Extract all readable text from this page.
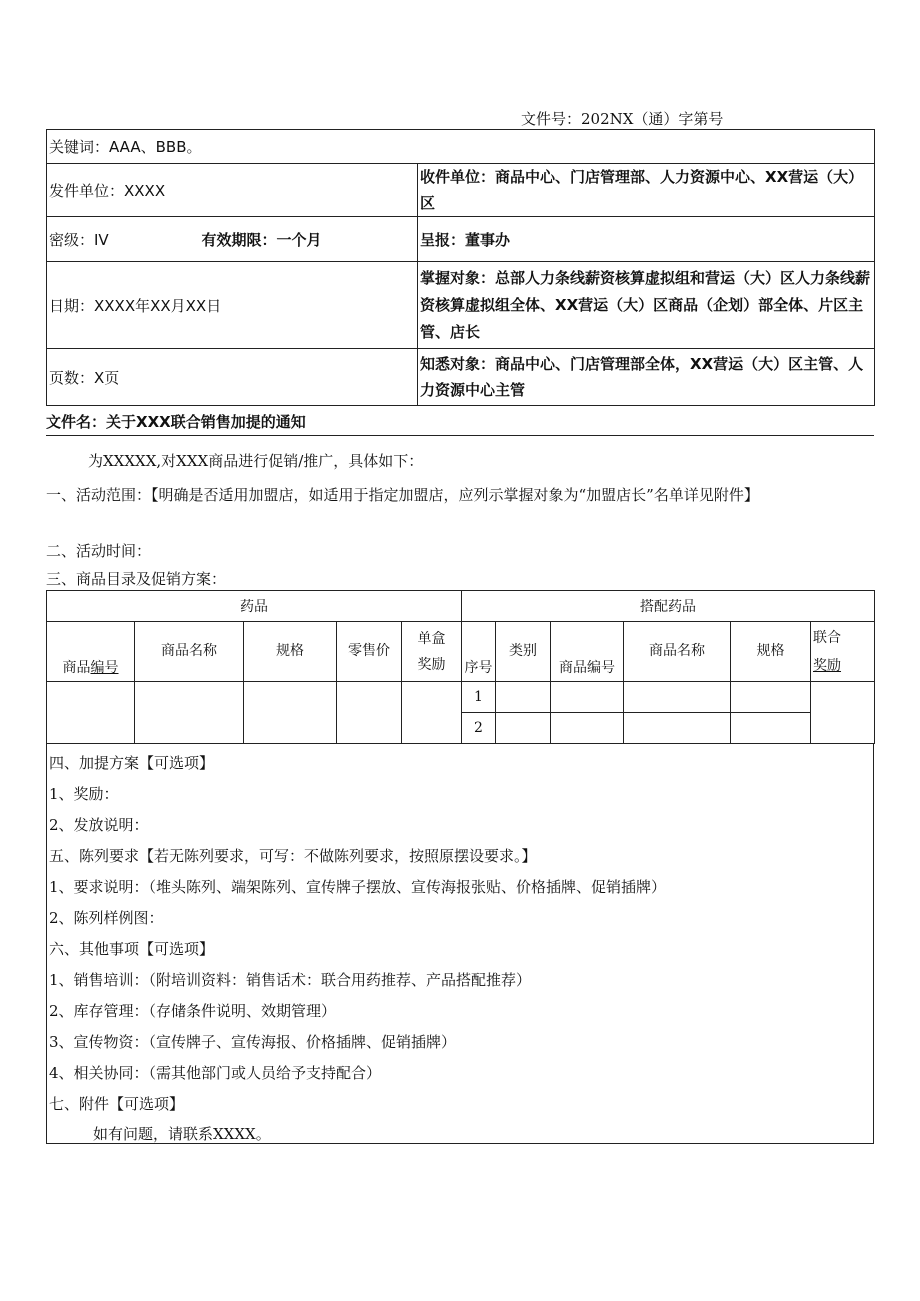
文件号：202NX（通）字第号
关键词：AAA、BBB。	
发件单位：XXXX	收件单位：商品中心、门店管理部、人力资源中心、XX营运（大）区
密级：IV 有效期限：一个月	呈报：董事办
日期：XXXX年XX月XX日	掌握对象：总部人力条线薪资核算虚拟组和营运（大）区人力条线薪资核算虚拟组全体、XX营运（大）区商品（企划）部全体、片区主管、店长
页数：X页	知悉对象：商品中心、门店管理部全体，XX营运（大）区主管、人力资源中心主管
文件名：关于XXX联合销售加提的通知
为XXXXX,对XXX商品进行促销/推广，具体如下：
一、活动范围：【明确是否适用加盟店，如适用于指定加盟店，应列示掌握对象为“加盟店长”名单详见附件】
二、活动时间：
三、商品目录及促销方案：
药品					搭配药品					
商品编号	商品名称	规格	零售价	单盒奖励	序号	类别	商品编号	商品名称	规格	联合
奖励

					1					
					2					
四、加提方案【可选项】
1、奖励：
2、发放说明：
五、陈列要求【若无陈列要求，可写：不做陈列要求，按照原摆设要求。】
1、要求说明：（堆头陈列、端架陈列、宣传牌子摆放、宣传海报张贴、价格插牌、促销插牌）
2、陈列样例图：
六、其他事项【可选项】
1、销售培训：（附培训资料：销售话术：联合用药推荐、产品搭配推荐）
2、库存管理：（存储条件说明、效期管理）
3、宣传物资：（宣传牌子、宣传海报、价格插牌、促销插牌）
4、相关协同：（需其他部门或人员给予支持配合）
七、附件【可选项】
如有问题，请联系XXXX。
